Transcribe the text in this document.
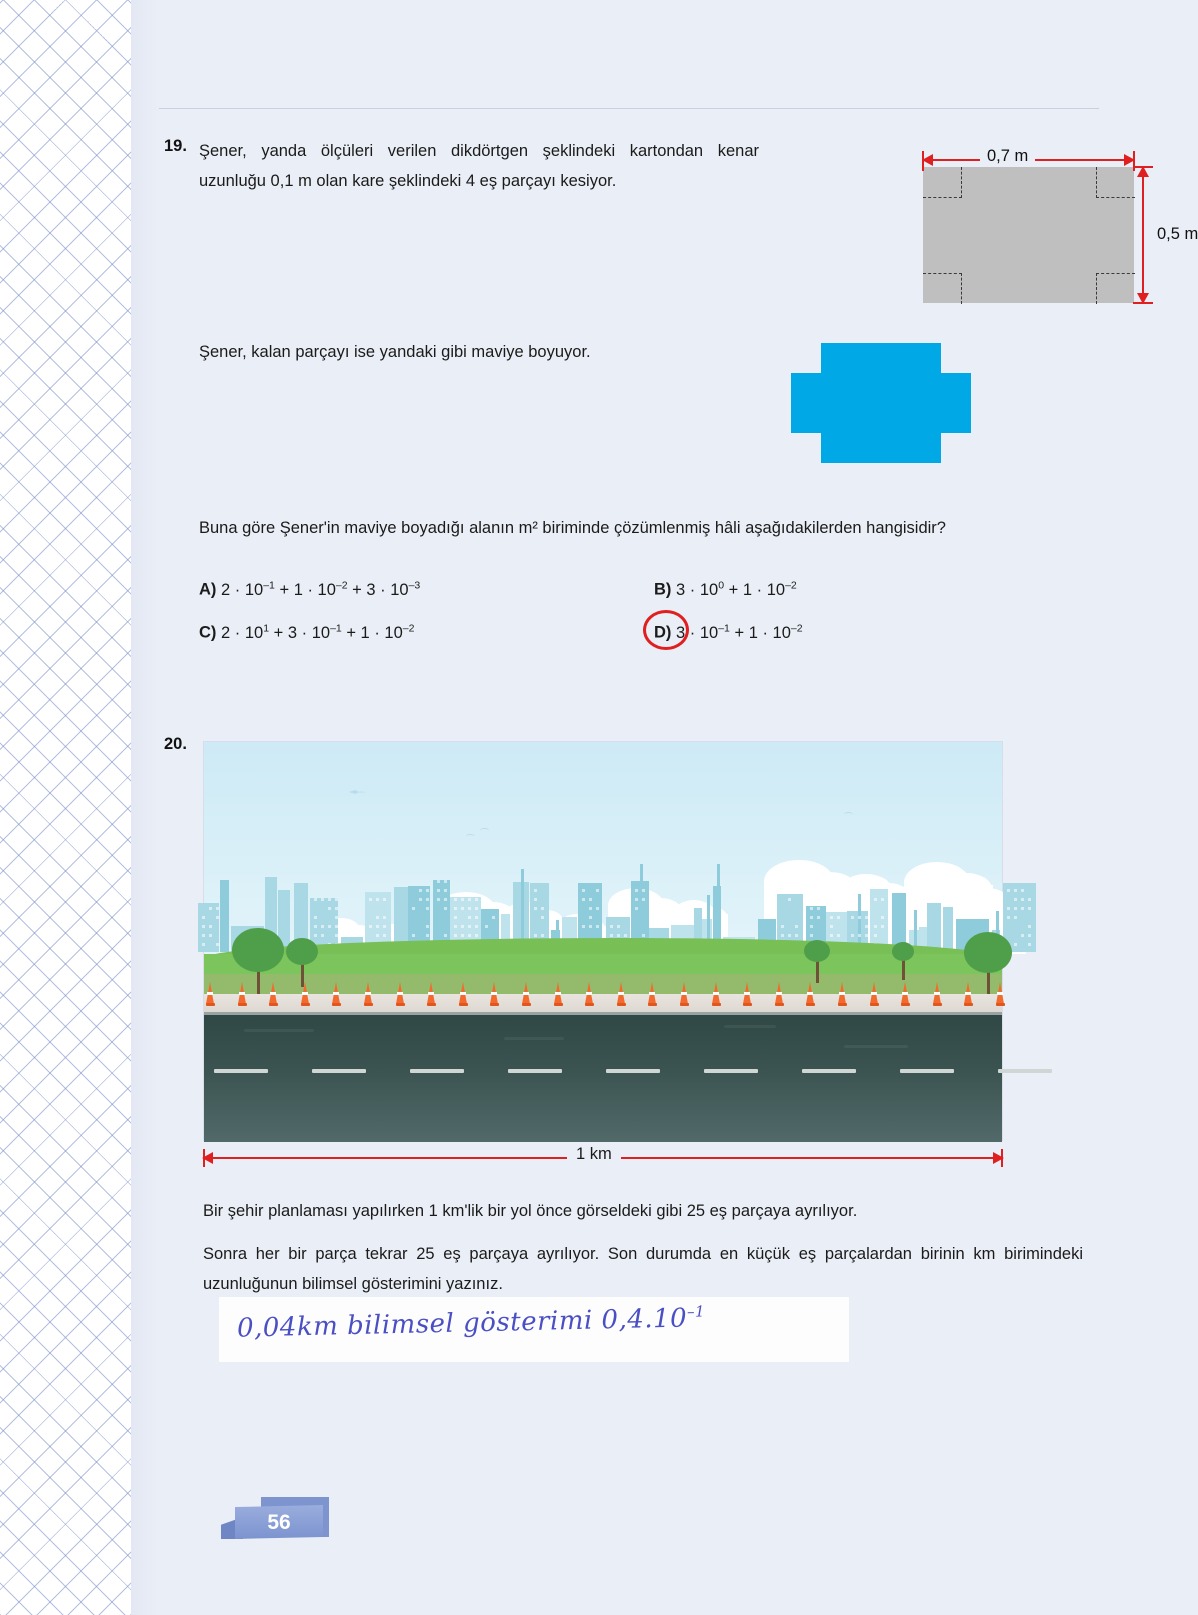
19. Şener, yanda ölçüleri verilen dikdörtgen şeklindeki kartondan kenar uzunluğu 0,1 m olan kare şeklindeki 4 eş parçayı kesiyor.
0,7 m
0,5 m
Şener, kalan parçayı ise yandaki gibi maviye boyuyor.
Buna göre Şener'in maviye boyadığı alanın m² biriminde çözümlenmiş hâli aşağıdakilerden hangisidir?
A) $2 \cdot 10^{-1} + 1 \cdot 10^{-2} + 3 \cdot 10^{-3}$	B) $3 \cdot 10^0 + 1 \cdot 10^{-2}$
C) $2 \cdot 10^1 + 3 \cdot 10^{-1} + 1 \cdot 10^{-2}$	D) $3 \cdot 10^{-1} + 1 \cdot 10^{-2}$
20.
1 km
Bir şehir planlaması yapılırken 1 km'lik bir yol önce görseldeki gibi 25 eş parçaya ayrılıyor.
Sonra her bir parça tekrar 25 eş parçaya ayrılıyor. Son durumda en küçük eş parçalardan birinin km birimindeki uzunluğunun bilimsel gösterimini yazınız.
0,04km bilimsel gösterimi $0,4.10^{-1}$
56
